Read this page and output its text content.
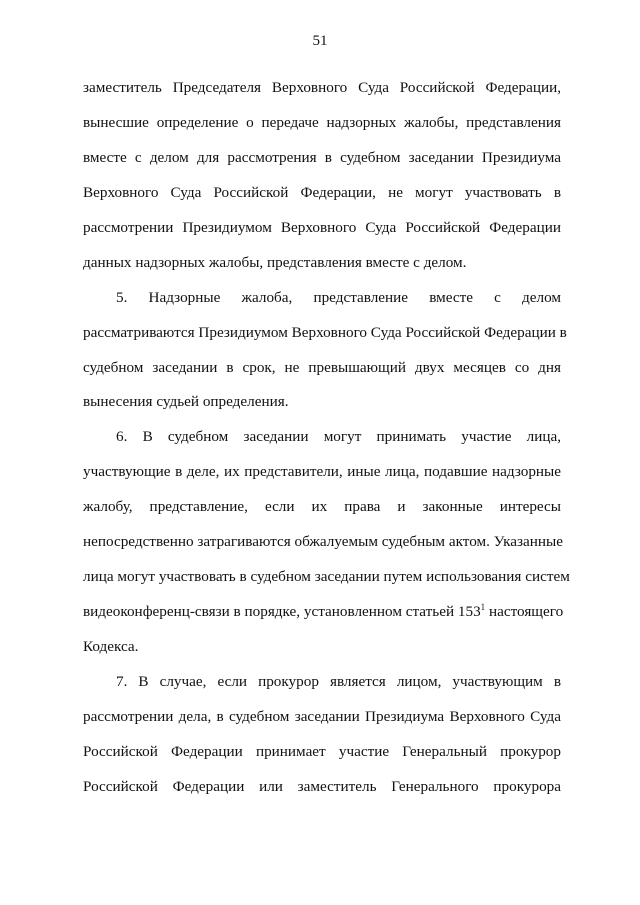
51
заместитель Председателя Верховного Суда Российской Федерации,
вынесшие определение о передаче надзорных жалобы, представления
вместе с делом для рассмотрения в судебном заседании Президиума
Верховного Суда Российской Федерации, не могут участвовать в
рассмотрении Президиумом Верховного Суда Российской Федерации
данных надзорных жалобы, представления вместе с делом.
5. Надзорные жалоба, представление вместе с делом
рассматриваются Президиумом Верховного Суда Российской Федерации в
судебном заседании в срок, не превышающий двух месяцев со дня
вынесения судьей определения.
6. В судебном заседании могут принимать участие лица,
участвующие в деле, их представители, иные лица, подавшие надзорные
жалобу, представление, если их права и законные интересы
непосредственно затрагиваются обжалуемым судебным актом. Указанные
лица могут участвовать в судебном заседании путем использования систем
видеоконференц-связи в порядке, установленном статьей $153^1$ настоящего
Кодекса.
7. В случае, если прокурор является лицом, участвующим в
рассмотрении дела, в судебном заседании Президиума Верховного Суда
Российской Федерации принимает участие Генеральный прокурор
Российской Федерации или заместитель Генерального прокурора
